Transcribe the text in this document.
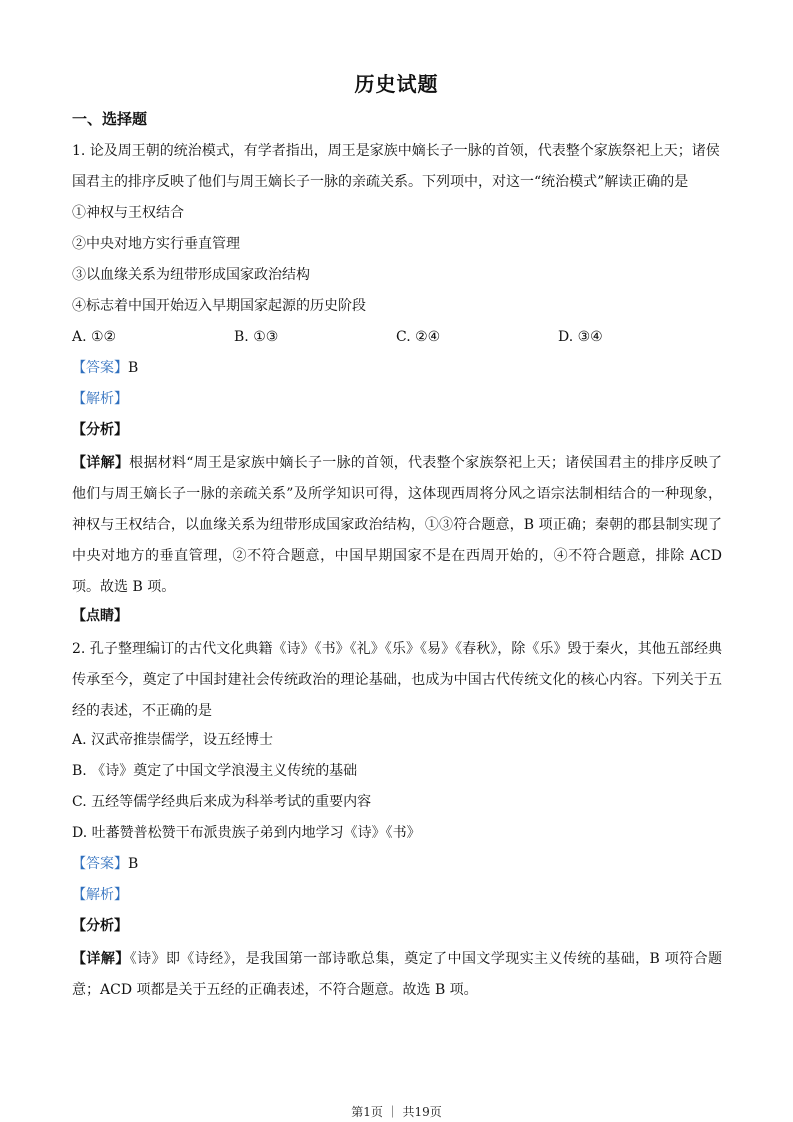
历史试题
一、选择题
1. 论及周王朝的统治模式，有学者指出，周王是家族中嫡长子一脉的首领，代表整个家族祭祀上天；诸侯
国君主的排序反映了他们与周王嫡长子一脉的亲疏关系。下列项中，对这一“统治模式”解读正确的是
①神权与王权结合
②中央对地方实行垂直管理
③以血缘关系为纽带形成国家政治结构
④标志着中国开始迈入早期国家起源的历史阶段
A. ①②	B. ①③	C. ②④	D. ③④
【答案】B
【解析】
【分析】
【详解】根据材料“周王是家族中嫡长子一脉的首领，代表整个家族祭祀上天；诸侯国君主的排序反映了他们与周王嫡长子一脉的亲疏关系”及所学知识可得，这体现西周将分风之语宗法制相结合的一种现象，神权与王权结合，以血缘关系为纽带形成国家政治结构，①③符合题意，B 项正确；秦朝的郡县制实现了中央对地方的垂直管理，②不符合题意，中国早期国家不是在西周开始的，④不符合题意，排除 ACD 项。故选 B 项。
【点睛】
2. 孔子整理编订的古代文化典籍《诗》《书》《礼》《乐》《易》《春秋》，除《乐》毁于秦火，其他五部经典传承至今，奠定了中国封建社会传统政治的理论基础，也成为中国古代传统文化的核心内容。下列关于五经的表述，不正确的是
A. 汉武帝推崇儒学，设五经博士
B. 《诗》奠定了中国文学浪漫主义传统的基础
C. 五经等儒学经典后来成为科举考试的重要内容
D. 吐蕃赞普松赞干布派贵族子弟到内地学习《诗》《书》
【答案】B
【解析】
【分析】
【详解】《诗》即《诗经》，是我国第一部诗歌总集，奠定了中国文学现实主义传统的基础，B 项符合题意；ACD 项都是关于五经的正确表述，不符合题意。故选 B 项。
第1页 ｜ 共19页
